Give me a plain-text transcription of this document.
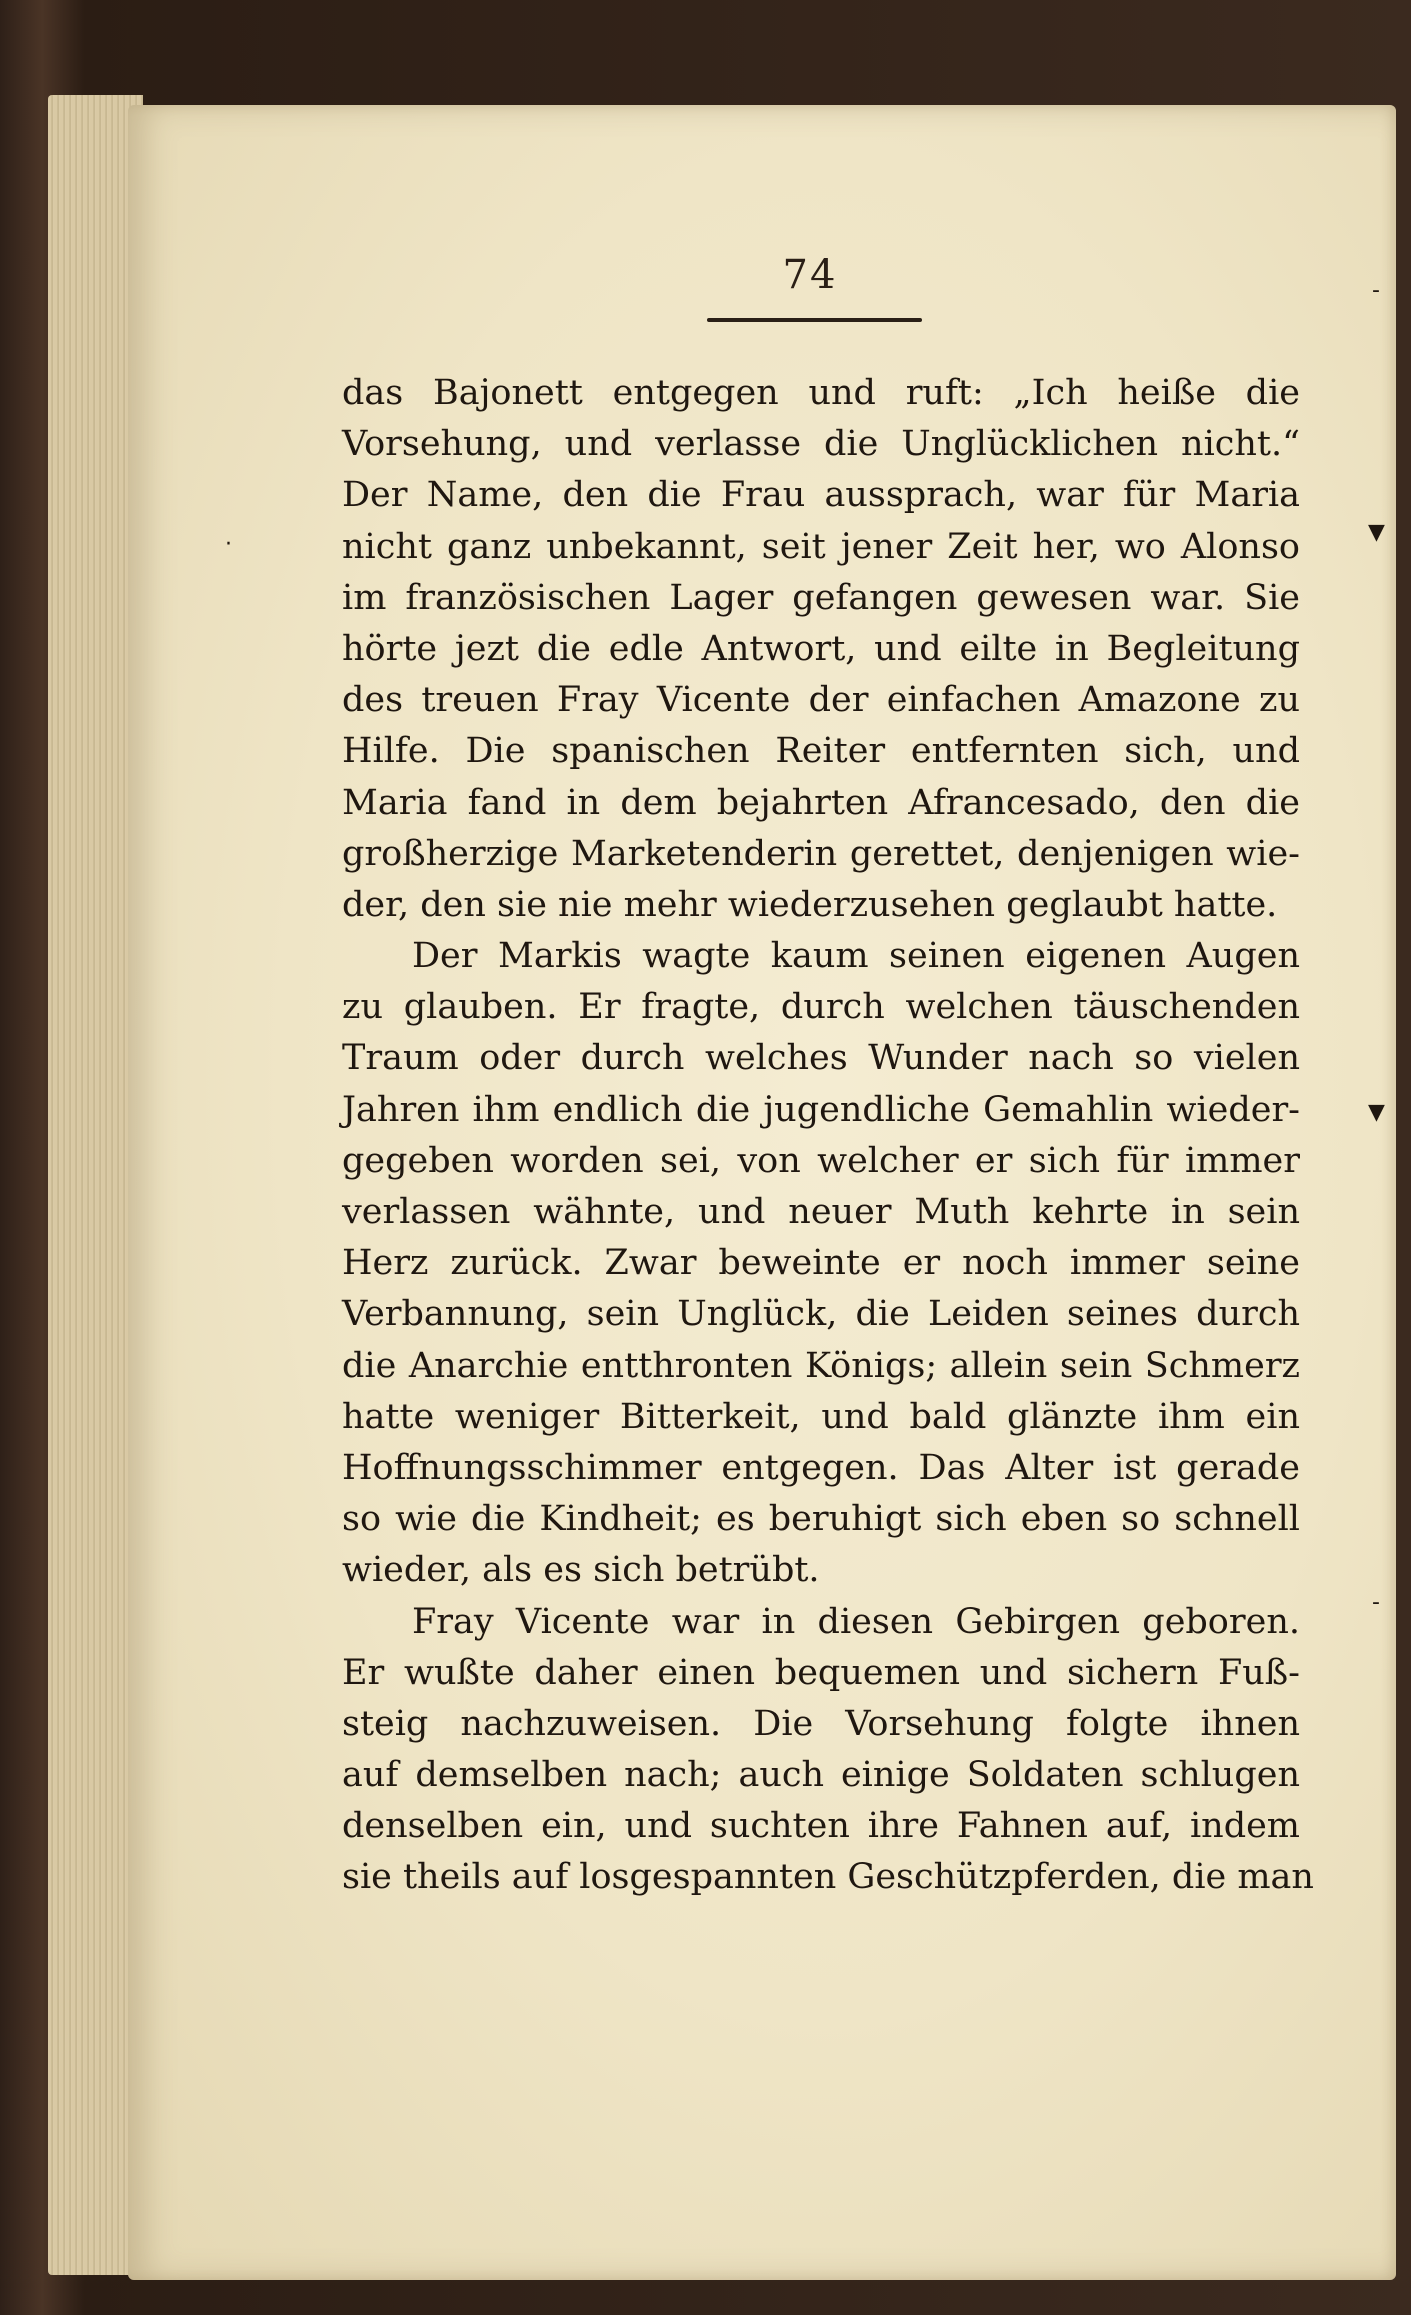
74	-
▼
▼
-
·
das Bajonett entgegen und ruft: „Ich heiße die
Vorsehung, und verlasse die Unglücklichen nicht.“
Der Name, den die Frau aussprach, war für Maria
nicht ganz unbekannt, seit jener Zeit her, wo Alonso
im französischen Lager gefangen gewesen war. Sie
hörte jezt die edle Antwort, und eilte in Begleitung
des treuen Fray Vicente der einfachen Amazone zu
Hilfe. Die spanischen Reiter entfernten sich, und
Maria fand in dem bejahrten Afrancesado, den die
großherzige Marketenderin gerettet, denjenigen wie-
der, den sie nie mehr wiederzusehen geglaubt hatte.
Der Markis wagte kaum seinen eigenen Augen
zu glauben. Er fragte, durch welchen täuschenden
Traum oder durch welches Wunder nach so vielen
Jahren ihm endlich die jugendliche Gemahlin wieder-
gegeben worden sei, von welcher er sich für immer
verlassen wähnte, und neuer Muth kehrte in sein
Herz zurück. Zwar beweinte er noch immer seine
Verbannung, sein Unglück, die Leiden seines durch
die Anarchie entthronten Königs; allein sein Schmerz
hatte weniger Bitterkeit, und bald glänzte ihm ein
Hoffnungsschimmer entgegen. Das Alter ist gerade
so wie die Kindheit; es beruhigt sich eben so schnell
wieder, als es sich betrübt.
Fray Vicente war in diesen Gebirgen geboren.
Er wußte daher einen bequemen und sichern Fuß-
steig nachzuweisen. Die Vorsehung folgte ihnen
auf demselben nach; auch einige Soldaten schlugen
denselben ein, und suchten ihre Fahnen auf, indem
sie theils auf losgespannten Geschützpferden, die man
